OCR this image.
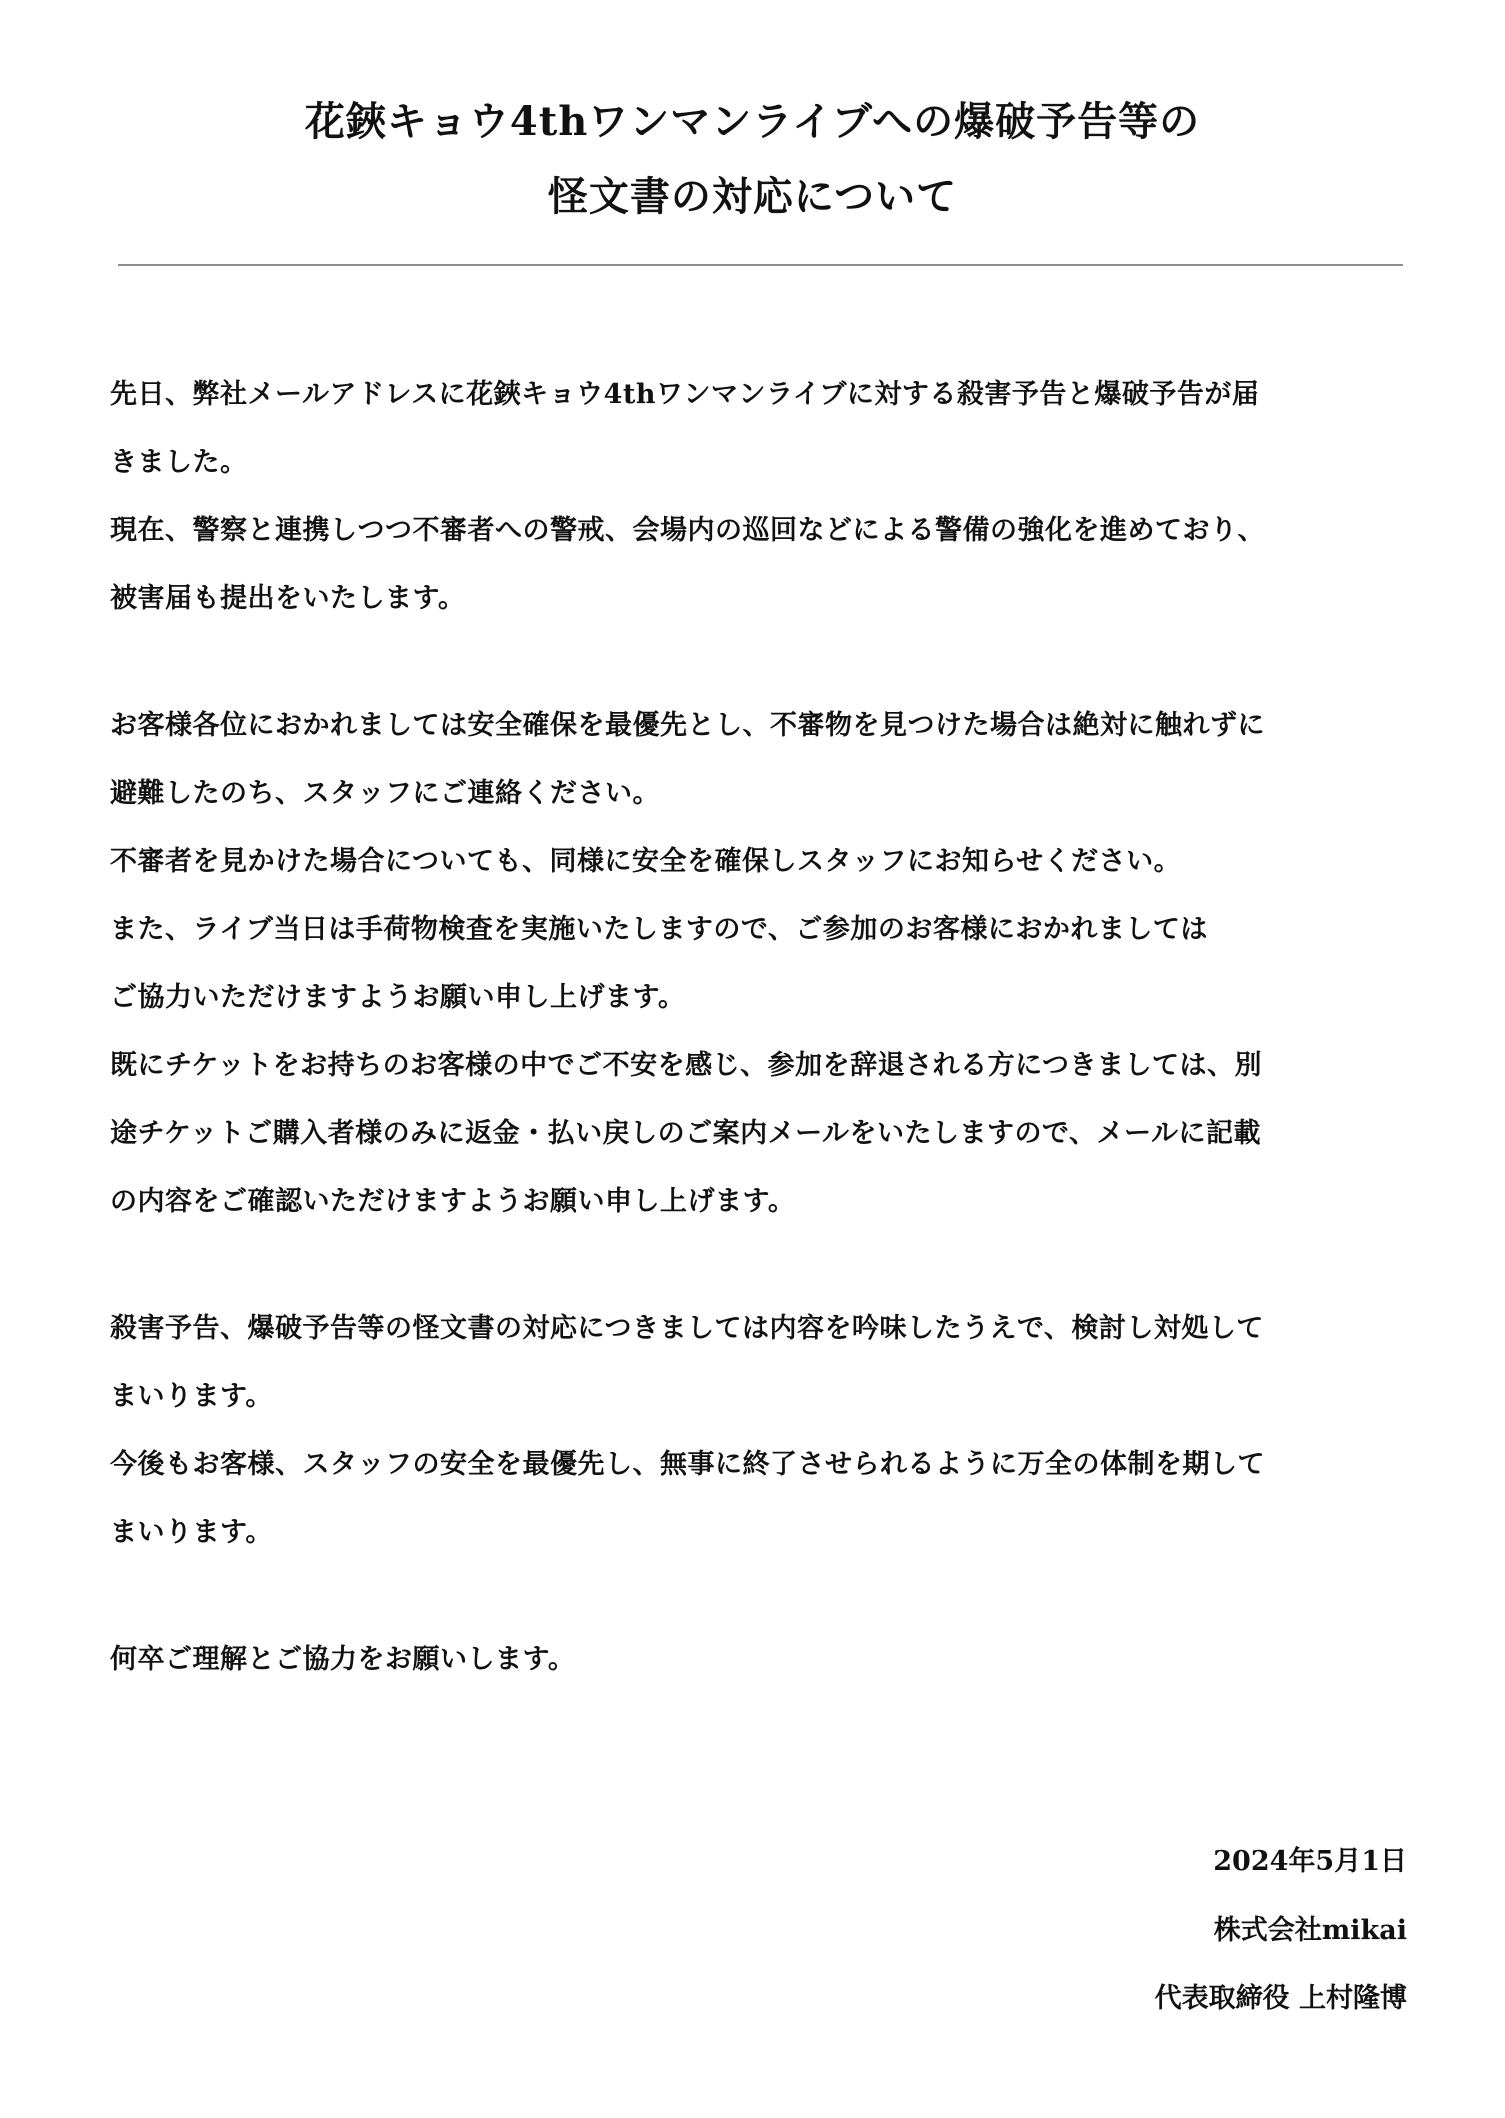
花鋏キョウ4thワンマンライブへの爆破予告等の
怪文書の対応について
先日、弊社メールアドレスに花鋏キョウ4thワンマンライブに対する殺害予告と爆破予告が届
きました。
現在、警察と連携しつつ不審者への警戒、会場内の巡回などによる警備の強化を進めており、
被害届も提出をいたします。
お客様各位におかれましては安全確保を最優先とし、不審物を見つけた場合は絶対に触れずに
避難したのち、スタッフにご連絡ください。
不審者を見かけた場合についても、同様に安全を確保しスタッフにお知らせください。
また、ライブ当日は手荷物検査を実施いたしますので、ご参加のお客様におかれましては
ご協力いただけますようお願い申し上げます。
既にチケットをお持ちのお客様の中でご不安を感じ、参加を辞退される方につきましては、別
途チケットご購入者様のみに返金・払い戻しのご案内メールをいたしますので、メールに記載
の内容をご確認いただけますようお願い申し上げます。
殺害予告、爆破予告等の怪文書の対応につきましては内容を吟味したうえで、検討し対処して
まいります。
今後もお客様、スタッフの安全を最優先し、無事に終了させられるように万全の体制を期して
まいります。
何卒ご理解とご協力をお願いします。
2024年5月1日
株式会社mikai
代表取締役 上村隆博
